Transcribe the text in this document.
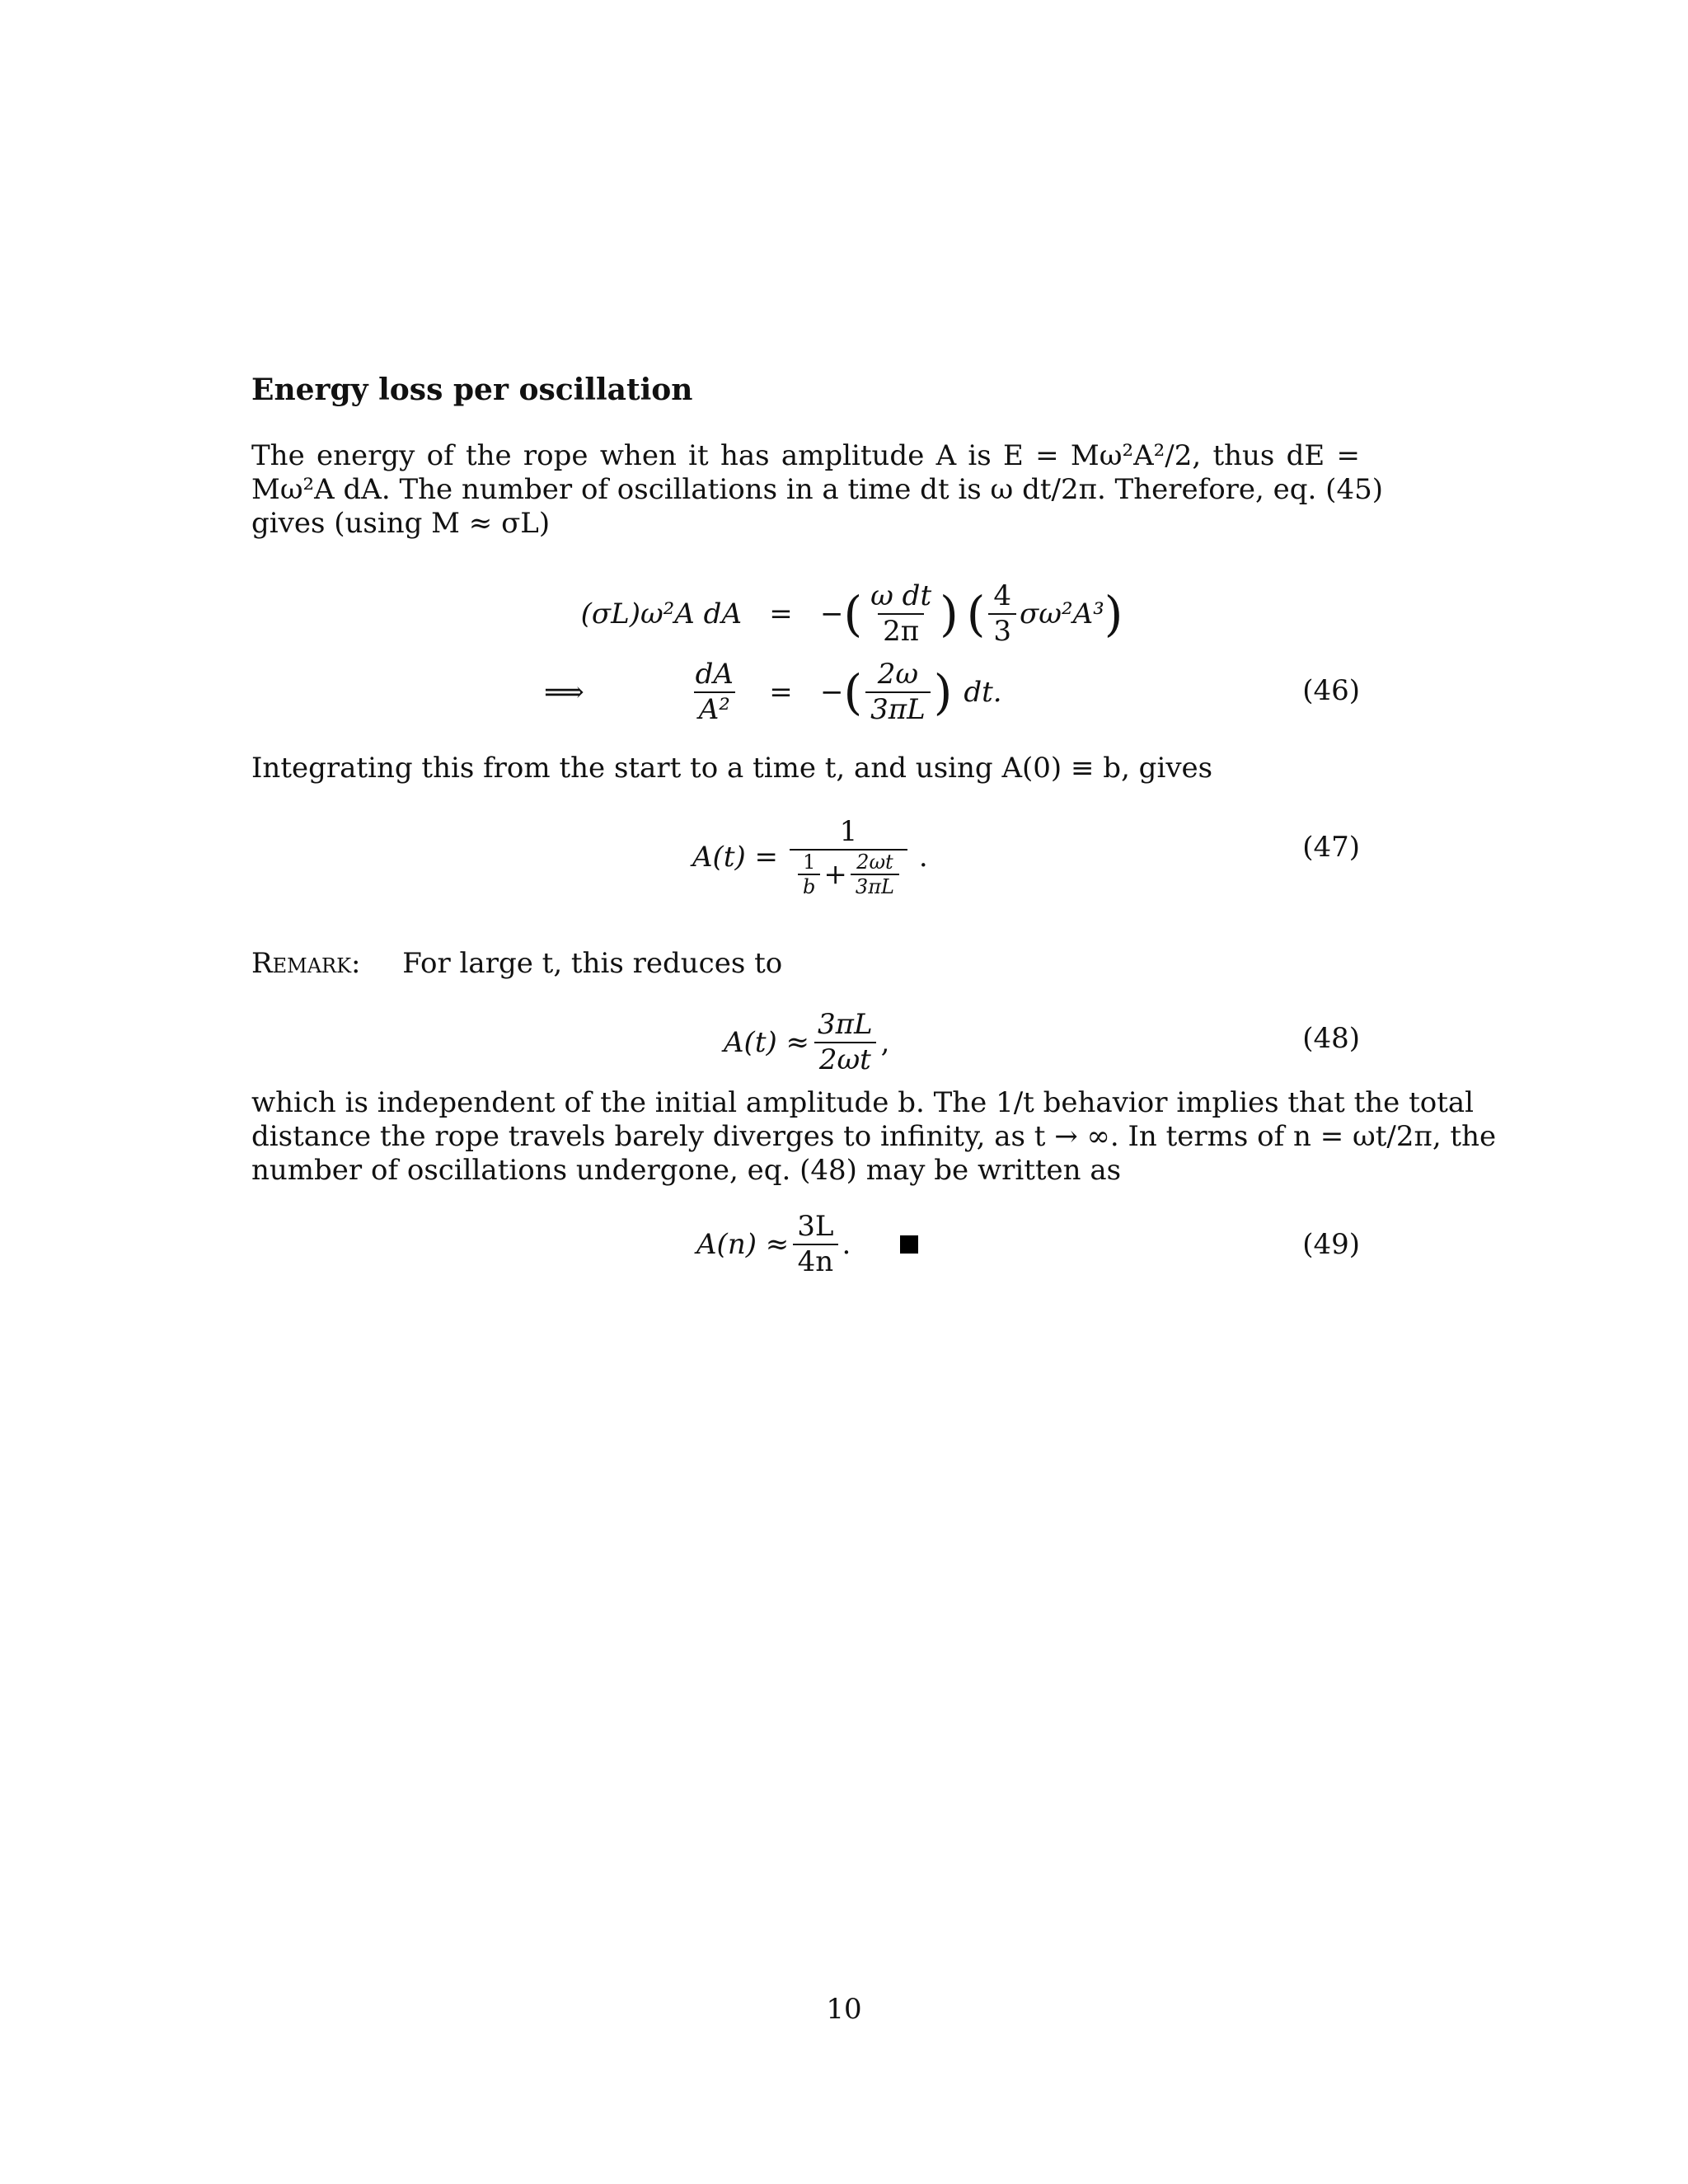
Energy loss per oscillation
The energy of the rope when it has amplitude A is E = Mω²A²/2, thus dE =
Mω²A dA. The number of oscillations in a time dt is ω dt/2π. Therefore, eq. (45)
gives (using M ≈ σL)
(σL)ω²A dA = − ( $\frac{\text{ω dt}}{2\pi}$ ) ( $\frac{4}{3} \sigma\omega^2A^3$ )
⟹	$\frac{dA}{\text{A²}}$	= − ( $\frac{2\omega}{3\pi L}$ ) dt.	(46)
Integrating this from the start to a time t, and using A(0) ≡ b, gives
A(t) =
1
$\frac{1}{b} + \frac{2\omega t}{3\pi L}$ .	(47)
Remark: For large t, this reduces to
$A(t) \approx \frac{3\pi L}{2\omega t}$ ,	(48)
which is independent of the initial amplitude b. The 1/t behavior implies that the total
distance the rope travels barely diverges to infinity, as t → ∞. In terms of n = ωt/2π, the
number of oscillations undergone, eq. (48) may be written as
$A(n) \approx \frac{3L}{4n}$ .	(49)
10
